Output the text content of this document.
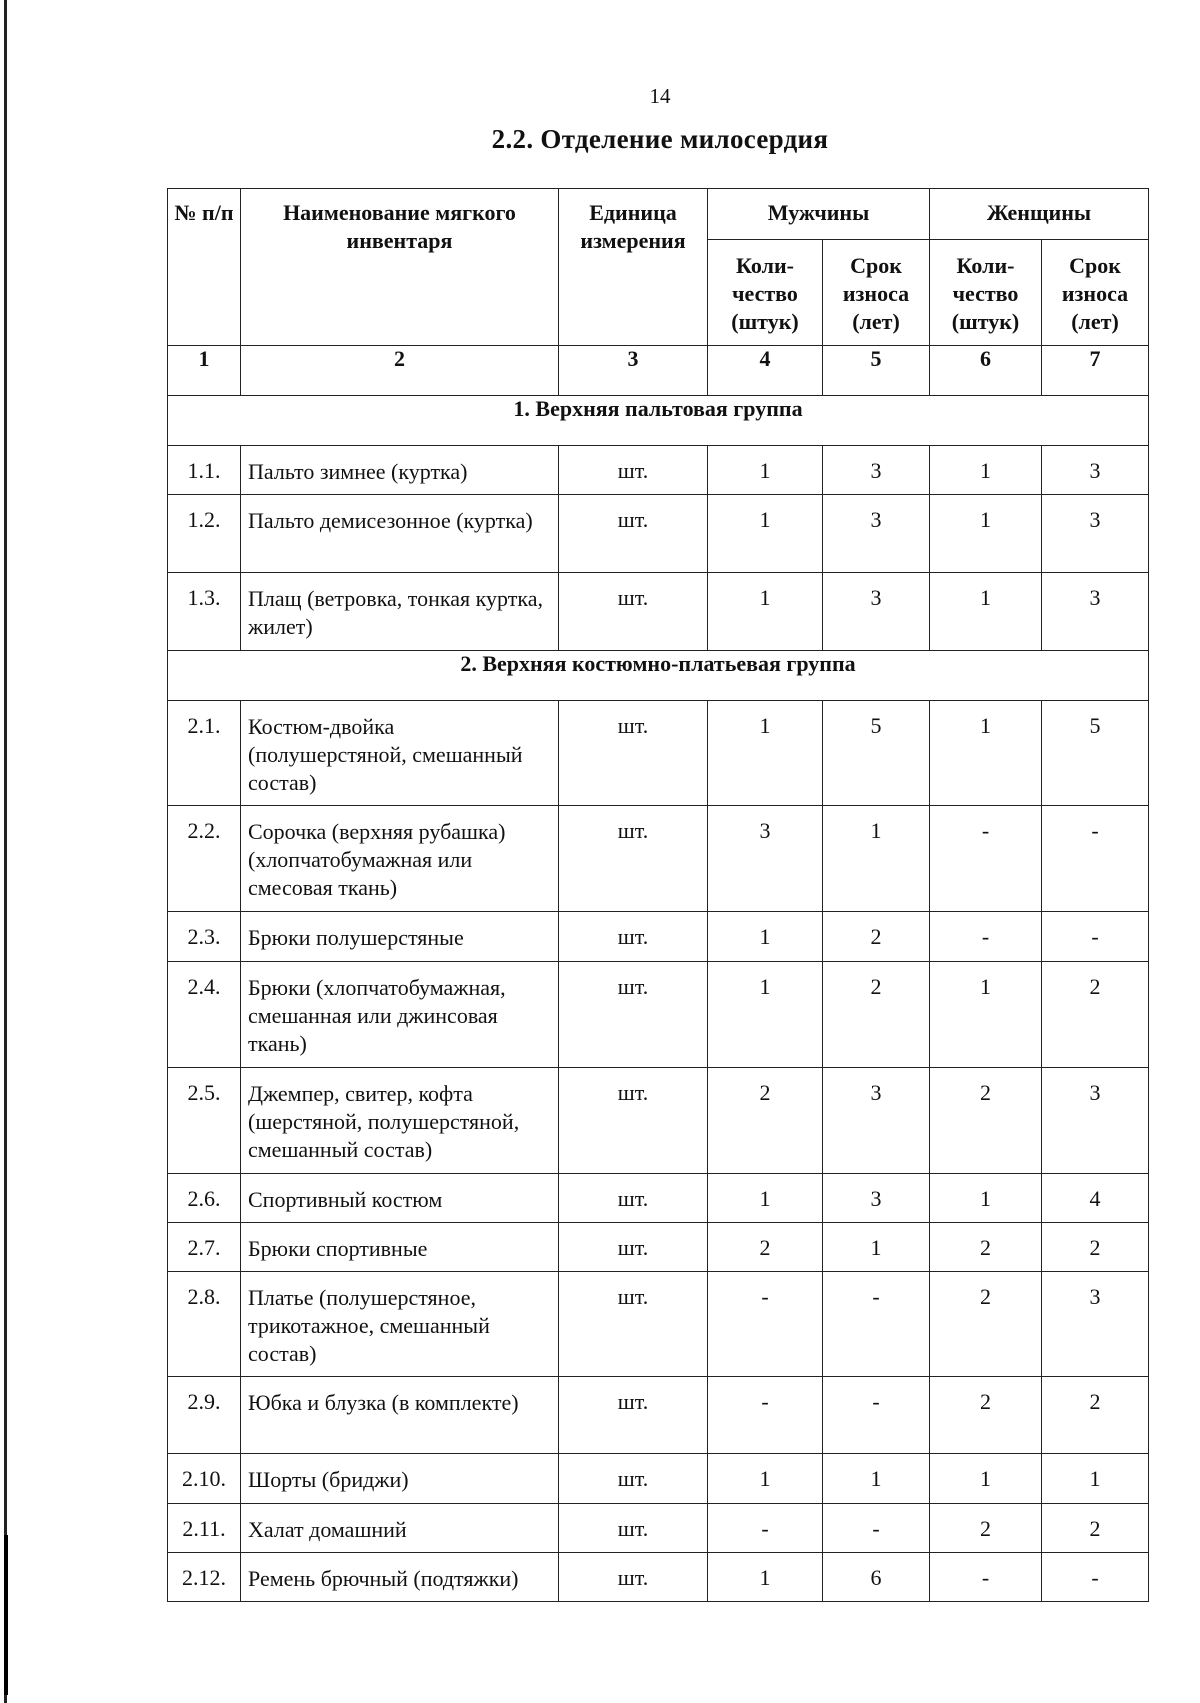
14
2.2. Отделение милосердия
№ п/п	Наименование мягкого инвентаря	Единица измерения	Мужчины		Женщины	
			Коли-чество (штук)	Срок износа (лет)	Коли-чество (штук)	Срок износа (лет)
1	2	3	4	5	6	7
1. Верхняя пальтовая группа						
1.1.	Пальто зимнее (куртка)	шт.	1	3	1	3
1.2.	Пальто демисезонное (куртка)	шт.	1	3	1	3
1.3.	Плащ (ветровка, тонкая куртка, жилет)	шт.	1	3	1	3
2. Верхняя костюмно-платьевая группа						
2.1.	Костюм-двойка (полушерстяной, смешанный состав)	шт.	1	5	1	5
2.2.	Сорочка (верхняя рубашка) (хлопчатобумажная или смесовая ткань)	шт.	3	1	-	-
2.3.	Брюки полушерстяные	шт.	1	2	-	-
2.4.	Брюки (хлопчатобумажная, смешанная или джинсовая ткань)	шт.	1	2	1	2
2.5.	Джемпер, свитер, кофта (шерстяной, полушерстяной, смешанный состав)	шт.	2	3	2	3
2.6.	Спортивный костюм	шт.	1	3	1	4
2.7.	Брюки спортивные	шт.	2	1	2	2
2.8.	Платье (полушерстяное, трикотажное, смешанный состав)	шт.	-	-	2	3
2.9.	Юбка и блузка (в комплекте)	шт.	-	-	2	2
2.10.	Шорты (бриджи)	шт.	1	1	1	1
2.11.	Халат домашний	шт.	-	-	2	2
2.12.	Ремень брючный (подтяжки)	шт.	1	6	-	-
